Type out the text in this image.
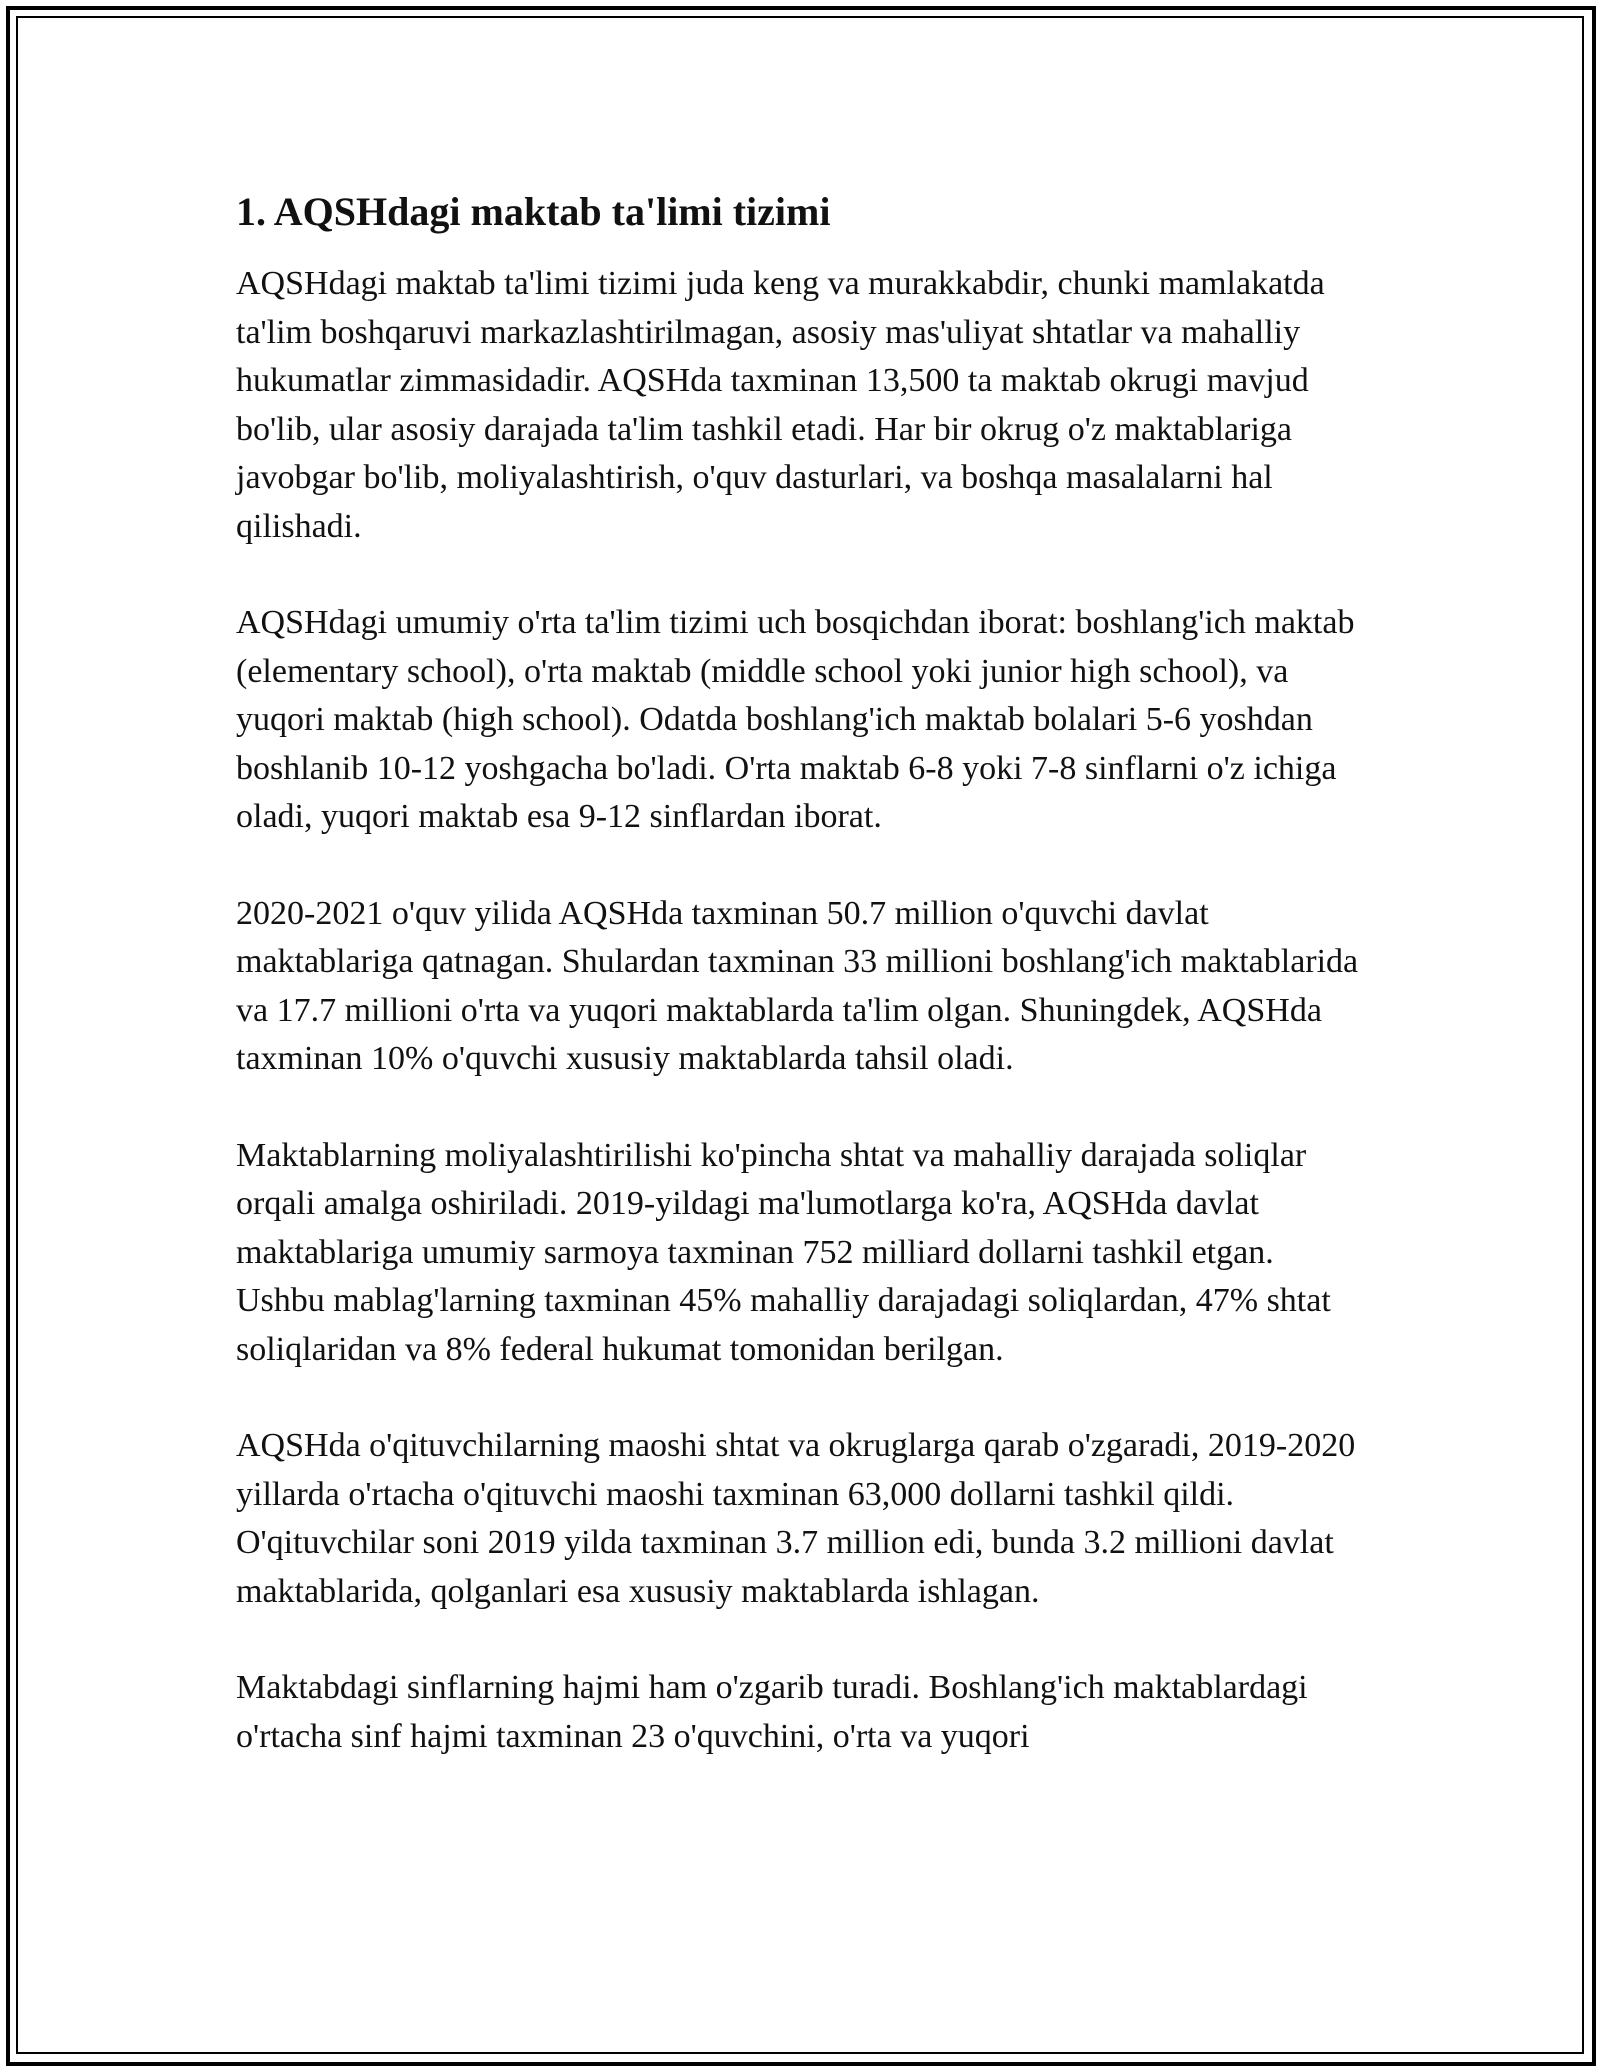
1. AQSHdagi maktab ta'limi tizimi

AQSHdagi maktab ta'limi tizimi juda keng va murakkabdir, chunki mamlakatda ta'lim boshqaruvi markazlashtirilmagan, asosiy mas'uliyat shtatlar va mahalliy hukumatlar zimmasidadir. AQSHda taxminan 13,500 ta maktab okrugi mavjud bo'lib, ular asosiy darajada ta'lim tashkil etadi. Har bir okrug o'z maktablariga javobgar bo'lib, moliyalashtirish, o'quv dasturlari, va boshqa masalalarni hal qilishadi.

AQSHdagi umumiy o'rta ta'lim tizimi uch bosqichdan iborat: boshlang'ich maktab (elementary school), o'rta maktab (middle school yoki junior high school), va yuqori maktab (high school). Odatda boshlang'ich maktab bolalari 5-6 yoshdan boshlanib 10-12 yoshgacha bo'ladi. O'rta maktab 6-8 yoki 7-8 sinflarni o'z ichiga oladi, yuqori maktab esa 9-12 sinflardan iborat.

2020-2021 o'quv yilida AQSHda taxminan 50.7 million o'quvchi davlat maktablariga qatnagan. Shulardan taxminan 33 millioni boshlang'ich maktablarida va 17.7 millioni o'rta va yuqori maktablarda ta'lim olgan. Shuningdek, AQSHda taxminan 10% o'quvchi xususiy maktablarda tahsil oladi.

Maktablarning moliyalashtirilishi ko'pincha shtat va mahalliy darajada soliqlar orqali amalga oshiriladi. 2019-yildagi ma'lumotlarga ko'ra, AQSHda davlat maktablariga umumiy sarmoya taxminan 752 milliard dollarni tashkil etgan. Ushbu mablag'larning taxminan 45% mahalliy darajadagi soliqlardan, 47% shtat soliqlaridan va 8% federal hukumat tomonidan berilgan.

AQSHda o'qituvchilarning maoshi shtat va okruglarga qarab o'zgaradi, 2019-2020 yillarda o'rtacha o'qituvchi maoshi taxminan 63,000 dollarni tashkil qildi. O'qituvchilar soni 2019 yilda taxminan 3.7 million edi, bunda 3.2 millioni davlat maktablarida, qolganlari esa xususiy maktablarda ishlagan.

Maktabdagi sinflarning hajmi ham o'zgarib turadi. Boshlang'ich maktablardagi o'rtacha sinf hajmi taxminan 23 o'quvchini, o'rta va yuqori
